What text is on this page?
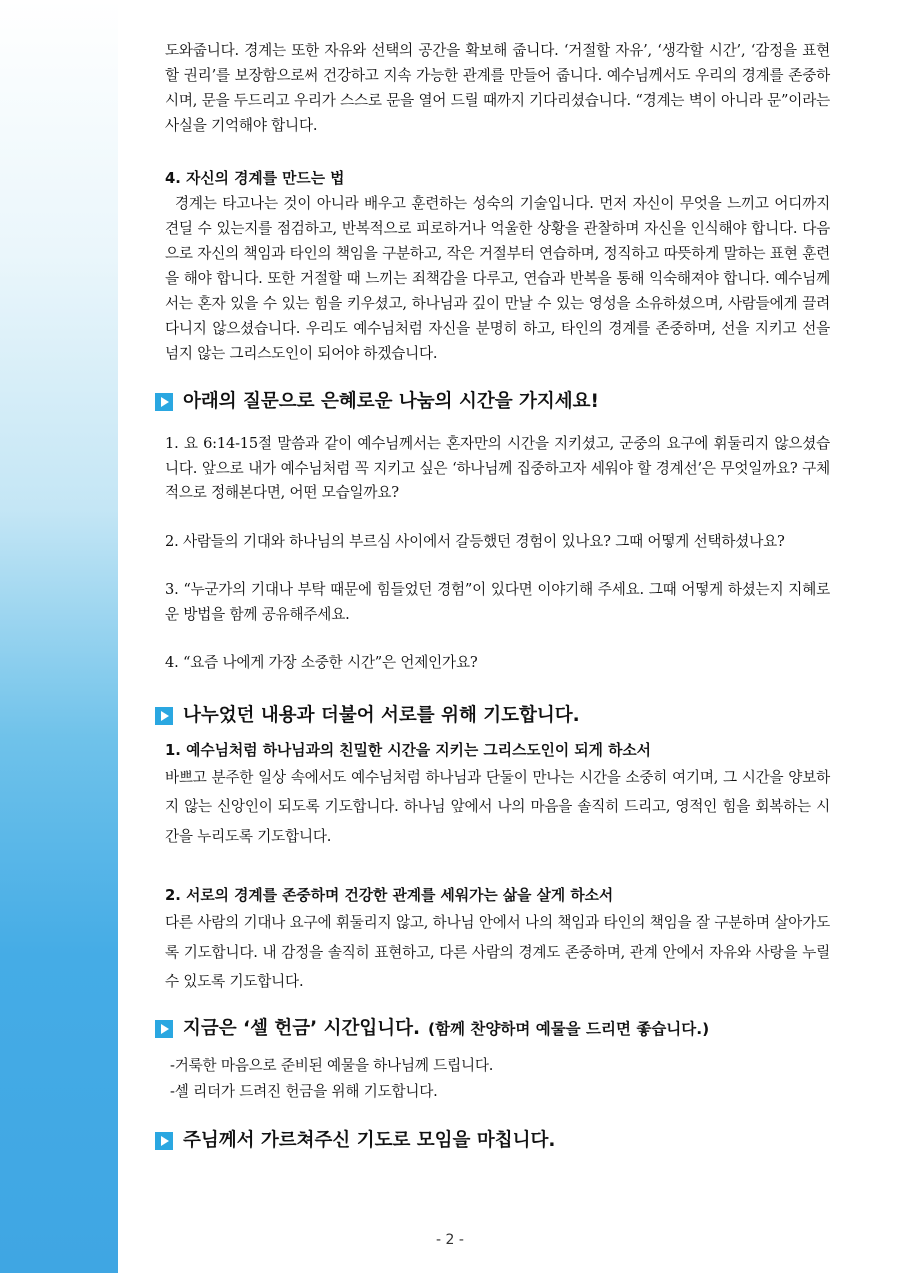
도와줍니다. 경계는 또한 자유와 선택의 공간을 확보해 줍니다. ‘거절할 자유’, ‘생각할 시간’, ‘감정을 표현할 권리’를 보장함으로써 건강하고 지속 가능한 관계를 만들어 줍니다. 예수님께서도 우리의 경계를 존중하시며, 문을 두드리고 우리가 스스로 문을 열어 드릴 때까지 기다리셨습니다. “경계는 벽이 아니라 문”이라는 사실을 기억해야 합니다.

4. 자신의 경계를 만드는 법

경계는 타고나는 것이 아니라 배우고 훈련하는 성숙의 기술입니다. 먼저 자신이 무엇을 느끼고 어디까지 견딜 수 있는지를 점검하고, 반복적으로 피로하거나 억울한 상황을 관찰하며 자신을 인식해야 합니다. 다음으로 자신의 책임과 타인의 책임을 구분하고, 작은 거절부터 연습하며, 정직하고 따뜻하게 말하는 표현 훈련을 해야 합니다. 또한 거절할 때 느끼는 죄책감을 다루고, 연습과 반복을 통해 익숙해져야 합니다. 예수님께서는 혼자 있을 수 있는 힘을 키우셨고, 하나님과 깊이 만날 수 있는 영성을 소유하셨으며, 사람들에게 끌려 다니지 않으셨습니다. 우리도 예수님처럼 자신을 분명히 하고, 타인의 경계를 존중하며, 선을 지키고 선을 넘지 않는 그리스도인이 되어야 하겠습니다.

아래의 질문으로 은혜로운 나눔의 시간을 가지세요!

1. 요 6:14-15절 말씀과 같이 예수님께서는 혼자만의 시간을 지키셨고, 군중의 요구에 휘둘리지 않으셨습니다. 앞으로 내가 예수님처럼 꼭 지키고 싶은 ‘하나님께 집중하고자 세워야 할 경계선’은 무엇일까요? 구체적으로 정해본다면, 어떤 모습일까요?

2. 사람들의 기대와 하나님의 부르심 사이에서 갈등했던 경험이 있나요? 그때 어떻게 선택하셨나요?

3. “누군가의 기대나 부탁 때문에 힘들었던 경험”이 있다면 이야기해 주세요. 그때 어떻게 하셨는지 지혜로운 방법을 함께 공유해주세요.

4. “요즘 나에게 가장 소중한 시간”은 언제인가요?

나누었던 내용과 더불어 서로를 위해 기도합니다.
1. 예수님처럼 하나님과의 친밀한 시간을 지키는 그리스도인이 되게 하소서

바쁘고 분주한 일상 속에서도 예수님처럼 하나님과 단둘이 만나는 시간을 소중히 여기며, 그 시간을 양보하지 않는 신앙인이 되도록 기도합니다. 하나님 앞에서 나의 마음을 솔직히 드리고, 영적인 힘을 회복하는 시간을 누리도록 기도합니다.

2. 서로의 경계를 존중하며 건강한 관계를 세워가는 삶을 살게 하소서

다른 사람의 기대나 요구에 휘둘리지 않고, 하나님 안에서 나의 책임과 타인의 책임을 잘 구분하며 살아가도록 기도합니다. 내 감정을 솔직히 표현하고, 다른 사람의 경계도 존중하며, 관계 안에서 자유와 사랑을 누릴 수 있도록 기도합니다.

지금은 ‘셀 헌금’ 시간입니다. (함께 찬양하며 예물을 드리면 좋습니다.)

-거룩한 마음으로 준비된 예물을 하나님께 드립니다.

-셀 리더가 드려진 헌금을 위해 기도합니다.

주님께서 가르쳐주신 기도로 모임을 마칩니다.
- 2 -
